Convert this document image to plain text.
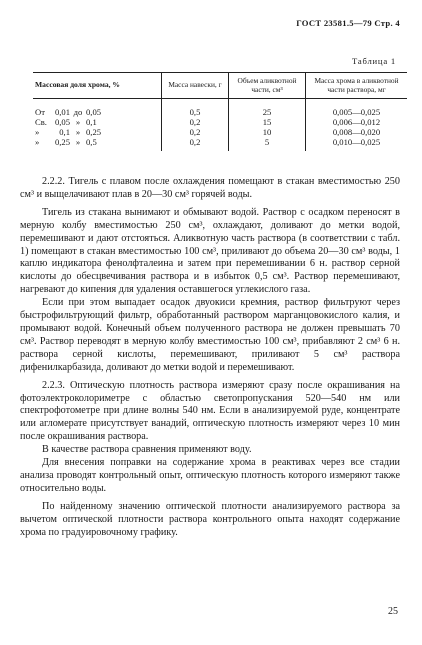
ГОСТ 23581.5—79 Стр. 4
Таблица 1
Массовая доля хрома, %	Масса навески, г	Объем аликвотной части, см³	Масса хрома в аликвотной части раствора, мг
От 0,01 до 0,05	0,5	25	0,005—0,025
Св. 0,05 » 0,1	0,2	15	0,006—0,012
» 0,1 » 0,25	0,2	10	0,008—0,020
» 0,25 » 0,5	0,2	5	0,010—0,025

2.2.2. Тигель с плавом после охлаждения помещают в стакан вместимостью 250 см³ и выщелачивают плав в 20—30 см³ горячей воды.

Тигель из стакана вынимают и обмывают водой. Раствор с осадком переносят в мерную колбу вместимостью 250 см³, охлаждают, доливают до метки водой, перемешивают и дают отстояться. Аликвотную часть раствора (в соответствии с табл. 1) помещают в стакан вместимостью 100 см³, приливают до объема 20—30 см³ воды, 1 каплю индикатора фенолфталеина и затем при перемешивании 6 н. раствор серной кислоты до обесцвечивания раствора и в избыток 0,5 см³. Раствор перемешивают, нагревают до кипения для удаления оставшегося углекислого газа.

Если при этом выпадает осадок двуокиси кремния, раствор фильтруют через быстрофильтрующий фильтр, обработанный раствором марганцовокислого калия, и промывают водой. Конечный объем полученного раствора не должен превышать 70 см³. Раствор переводят в мерную колбу вместимостью 100 см³, прибавляют 2 см³ 6 н. раствора серной кислоты, перемешивают, приливают 5 см³ раствора дифенилкарбазида, доливают до метки водой и перемешивают.

2.2.3. Оптическую плотность раствора измеряют сразу после окрашивания на фотоэлектроколориметре с областью светопропускания 520—540 нм или спектрофотометре при длине волны 540 нм. Если в анализируемой руде, концентрате или агломерате присутствует ванадий, оптическую плотность измеряют через 10 мин после окрашивания раствора.

В качестве раствора сравнения применяют воду.

Для внесения поправки на содержание хрома в реактивах через все стадии анализа проводят контрольный опыт, оптическую плотность которого измеряют также относительно воды.

По найденному значению оптической плотности анализируемого раствора за вычетом оптической плотности раствора контрольного опыта находят содержание хрома по градуировочному графику.

25
